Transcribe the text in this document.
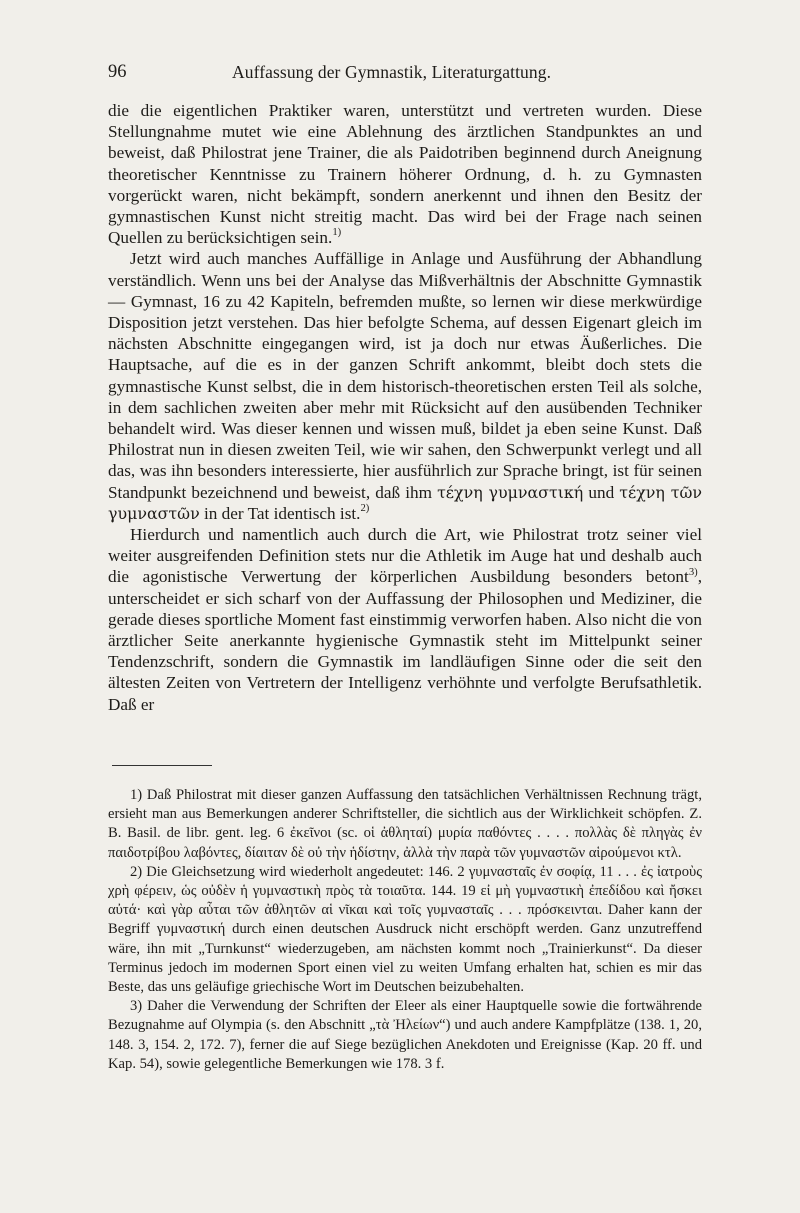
96	Auffassung der Gymnastik, Literaturgattung.

die die eigentlichen Praktiker waren, unterstützt und vertreten wurden. Diese Stellungnahme mutet wie eine Ablehnung des ärztlichen Standpunktes an und beweist, daß Philostrat jene Trainer, die als Paidotriben beginnend durch Aneignung theoretischer Kenntnisse zu Trainern höherer Ordnung, d. h. zu Gymnasten vorgerückt waren, nicht bekämpft, sondern anerkennt und ihnen den Besitz der gymnastischen Kunst nicht streitig macht. Das wird bei der Frage nach seinen Quellen zu berücksichtigen sein.$^{1)}$

Jetzt wird auch manches Auffällige in Anlage und Ausführung der Abhandlung verständlich. Wenn uns bei der Analyse das Mißverhältnis der Abschnitte Gymnastik — Gymnast, 16 zu 42 Kapiteln, befremden mußte, so lernen wir diese merkwürdige Disposition jetzt verstehen. Das hier befolgte Schema, auf dessen Eigenart gleich im nächsten Abschnitte eingegangen wird, ist ja doch nur etwas Äußerliches. Die Hauptsache, auf die es in der ganzen Schrift ankommt, bleibt doch stets die gymnastische Kunst selbst, die in dem historisch-theoretischen ersten Teil als solche, in dem sachlichen zweiten aber mehr mit Rücksicht auf den ausübenden Techniker behandelt wird. Was dieser kennen und wissen muß, bildet ja eben seine Kunst. Daß Philostrat nun in diesen zweiten Teil, wie wir sahen, den Schwerpunkt verlegt und all das, was ihn besonders interessierte, hier ausführlich zur Sprache bringt, ist für seinen Standpunkt bezeichnend und beweist, daß ihm τέχνη γυμναστική und τέχνη τῶν γυμναστῶν in der Tat identisch ist.$^{2)}$

Hierdurch und namentlich auch durch die Art, wie Philostrat trotz seiner viel weiter ausgreifenden Definition stets nur die Athletik im Auge hat und deshalb auch die agonistische Verwertung der körperlichen Ausbildung besonders betont$^{3)}$, unterscheidet er sich scharf von der Auffassung der Philosophen und Mediziner, die gerade dieses sportliche Moment fast einstimmig verworfen haben. Also nicht die von ärztlicher Seite anerkannte hygienische Gymnastik steht im Mittelpunkt seiner Tendenzschrift, sondern die Gymnastik im landläufigen Sinne oder die seit den ältesten Zeiten von Vertretern der Intelligenz verhöhnte und verfolgte Berufsathletik. Daß er

1) Daß Philostrat mit dieser ganzen Auffassung den tatsächlichen Verhältnissen Rechnung trägt, ersieht man aus Bemerkungen anderer Schriftsteller, die sichtlich aus der Wirklichkeit schöpfen. Z. B. Basil. de libr. gent. leg. 6 ἐκεῖνοι (sc. οἱ ἀθληταί) μυρία παθόντες . . . . πολλὰς δὲ πληγὰς ἐν παιδοτρίβου λαβόντες, δίαιταν δὲ οὐ τὴν ἡδίστην, ἀλλὰ τὴν παρὰ τῶν γυμναστῶν αἱρούμενοι κτλ.

2) Die Gleichsetzung wird wiederholt angedeutet: 146. 2 γυμνασταῖς ἐν σοφίᾳ, 11 . . . ἐς ἰατροὺς χρὴ φέρειν, ὡς οὐδὲν ἡ γυμναστικὴ πρὸς τὰ τοιαῦτα. 144. 19 εἰ μὴ γυμναστικὴ ἐπεδίδου καὶ ἤσκει αὐτά· καὶ γὰρ αὗται τῶν ἀθλητῶν αἱ νῖκαι καὶ τοῖς γυμνασταῖς . . . πρόσκεινται. Daher kann der Begriff γυμναστική durch einen deutschen Ausdruck nicht erschöpft werden. Ganz unzutreffend wäre, ihn mit „Turnkunst“ wiederzugeben, am nächsten kommt noch „Trainierkunst“. Da dieser Terminus jedoch im modernen Sport einen viel zu weiten Umfang erhalten hat, schien es mir das Beste, das uns geläufige griechische Wort im Deutschen beizubehalten.

3) Daher die Verwendung der Schriften der Eleer als einer Hauptquelle sowie die fortwährende Bezugnahme auf Olympia (s. den Abschnitt „τὰ Ἠλείων“) und auch andere Kampfplätze (138. 1, 20, 148. 3, 154. 2, 172. 7), ferner die auf Siege bezüglichen Anekdoten und Ereignisse (Kap. 20 ff. und Kap. 54), sowie gelegentliche Bemerkungen wie 178. 3 f.
